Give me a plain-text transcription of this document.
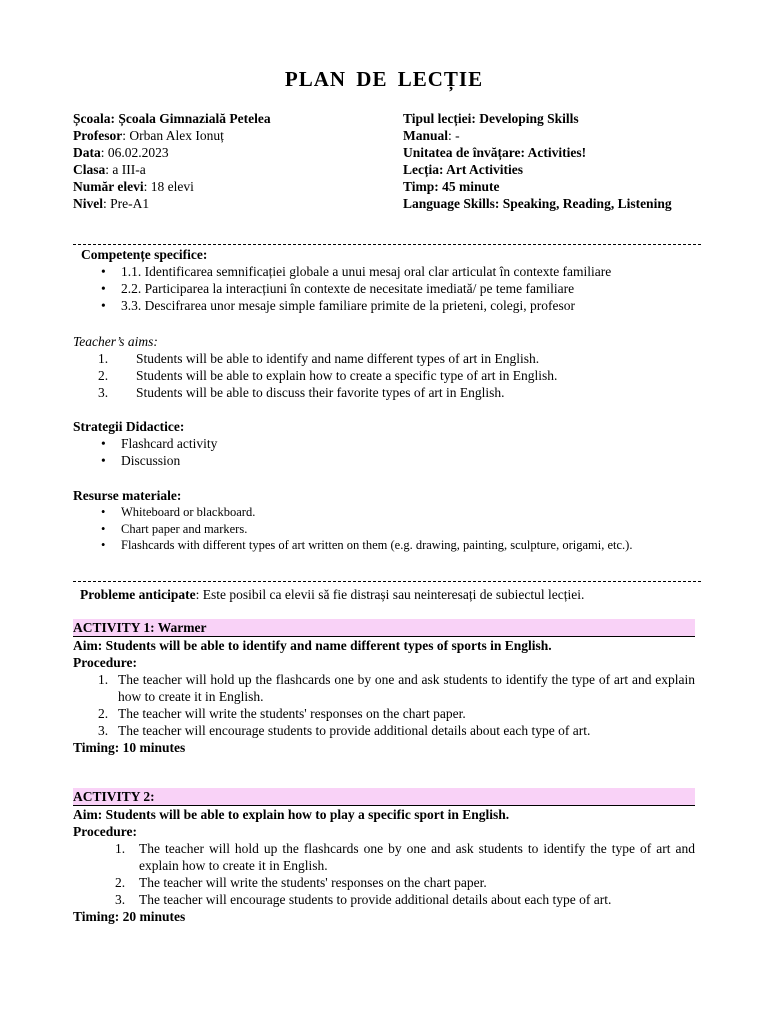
PLAN DE LECȚIE
Școala: Școala Gimnazială Petelea
Profesor: Orban Alex Ionuț
Data: 06.02.2023
Clasa: a III-a
Număr elevi: 18 elevi
Nivel: Pre-A1
Tipul lecției: Developing Skills
Manual: -
Unitatea de învățare: Activities!
Lecția: Art Activities
Timp: 45 minute
Language Skills: Speaking, Reading, Listening
Competențe specifice:
• 1.1. Identificarea semnificației globale a unui mesaj oral clar articulat în contexte familiare
• 2.2. Participarea la interacțiuni în contexte de necesitate imediată/ pe teme familiare
• 3.3. Descifrarea unor mesaje simple familiare primite de la prieteni, colegi, profesor
Teacher’s aims:
1. Students will be able to identify and name different types of art in English.
2. Students will be able to explain how to create a specific type of art in English.
3. Students will be able to discuss their favorite types of art in English.
Strategii Didactice:
• Flashcard activity
• Discussion
Resurse materiale:
• Whiteboard or blackboard.
• Chart paper and markers.
• Flashcards with different types of art written on them (e.g. drawing, painting, sculpture, origami, etc.).
Probleme anticipate: Este posibil ca elevii să fie distrași sau neinteresați de subiectul lecției.
ACTIVITY 1: Warmer
Aim: Students will be able to identify and name different types of sports in English.
Procedure:
1. The teacher will hold up the flashcards one by one and ask students to identify the type of art and explain how to create it in English.
2. The teacher will write the students' responses on the chart paper.
3. The teacher will encourage students to provide additional details about each type of art.
Timing: 10 minutes
ACTIVITY 2:
Aim: Students will be able to explain how to play a specific sport in English.
Procedure:
1. The teacher will hold up the flashcards one by one and ask students to identify the type of art and explain how to create it in English.
2. The teacher will write the students' responses on the chart paper.
3. The teacher will encourage students to provide additional details about each type of art.
Timing: 20 minutes
